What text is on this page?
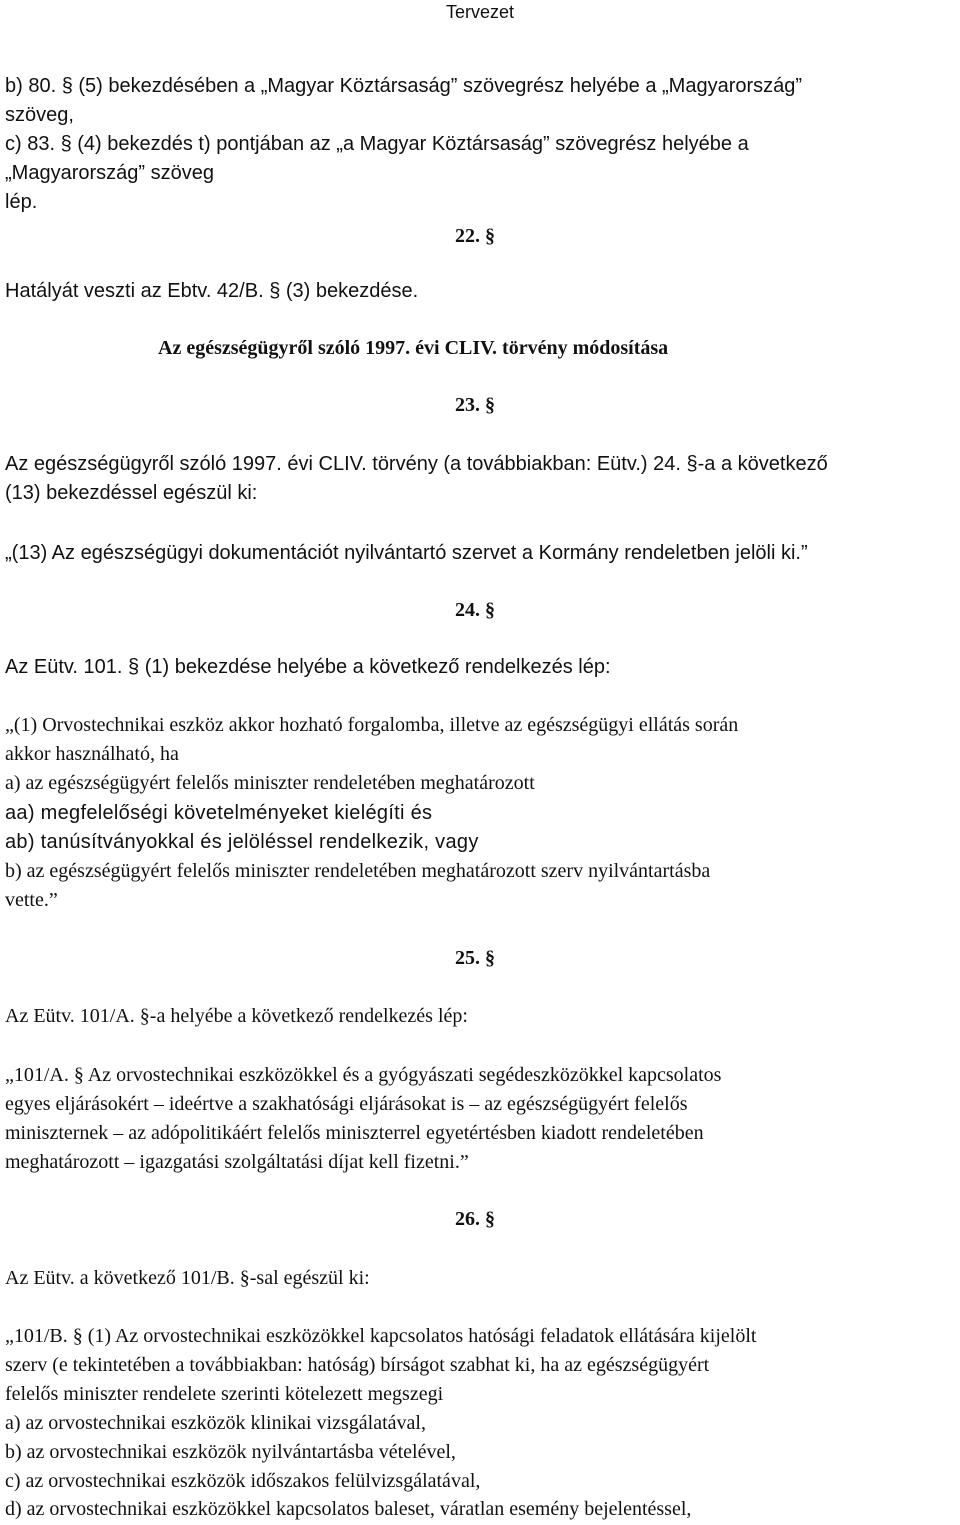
Tervezet
b) 80. § (5) bekezdésében a „Magyar Köztársaság” szövegrész helyébe a „Magyarország”
szöveg,
c) 83. § (4) bekezdés t) pontjában az „a Magyar Köztársaság” szövegrész helyébe a
„Magyarország” szöveg
lép.
22. §
Hatályát veszti az Ebtv. 42/B. § (3) bekezdése.
Az egészségügyről szóló 1997. évi CLIV. törvény módosítása
23. §
Az egészségügyről szóló 1997. évi CLIV. törvény (a továbbiakban: Eütv.) 24. §-a a következő
(13) bekezdéssel egészül ki:
„(13) Az egészségügyi dokumentációt nyilvántartó szervet a Kormány rendeletben jelöli ki.”
24. §
Az Eütv. 101. § (1) bekezdése helyébe a következő rendelkezés lép:
„(1) Orvostechnikai eszköz akkor hozható forgalomba, illetve az egészségügyi ellátás során
akkor használható, ha
a) az egészségügyért felelős miniszter rendeletében meghatározott
aa) megfelelőségi követelményeket kielégíti és
ab) tanúsítványokkal és jelöléssel rendelkezik, vagy
b) az egészségügyért felelős miniszter rendeletében meghatározott szerv nyilvántartásba
vette.”
25. §
Az Eütv. 101/A. §-a helyébe a következő rendelkezés lép:
„101/A. § Az orvostechnikai eszközökkel és a gyógyászati segédeszközökkel kapcsolatos
egyes eljárásokért – ideértve a szakhatósági eljárásokat is – az egészségügyért felelős
miniszternek – az adópolitikáért felelős miniszterrel egyetértésben kiadott rendeletében
meghatározott – igazgatási szolgáltatási díjat kell fizetni.”
26. §
Az Eütv. a következő 101/B. §-sal egészül ki:
„101/B. § (1) Az orvostechnikai eszközökkel kapcsolatos hatósági feladatok ellátására kijelölt
szerv (e tekintetében a továbbiakban: hatóság) bírságot szabhat ki, ha az egészségügyért
felelős miniszter rendelete szerinti kötelezett megszegi
a) az orvostechnikai eszközök klinikai vizsgálatával,
b) az orvostechnikai eszközök nyilvántartásba vételével,
c) az orvostechnikai eszközök időszakos felülvizsgálatával,
d) az orvostechnikai eszközökkel kapcsolatos baleset, váratlan esemény bejelentéssel,
